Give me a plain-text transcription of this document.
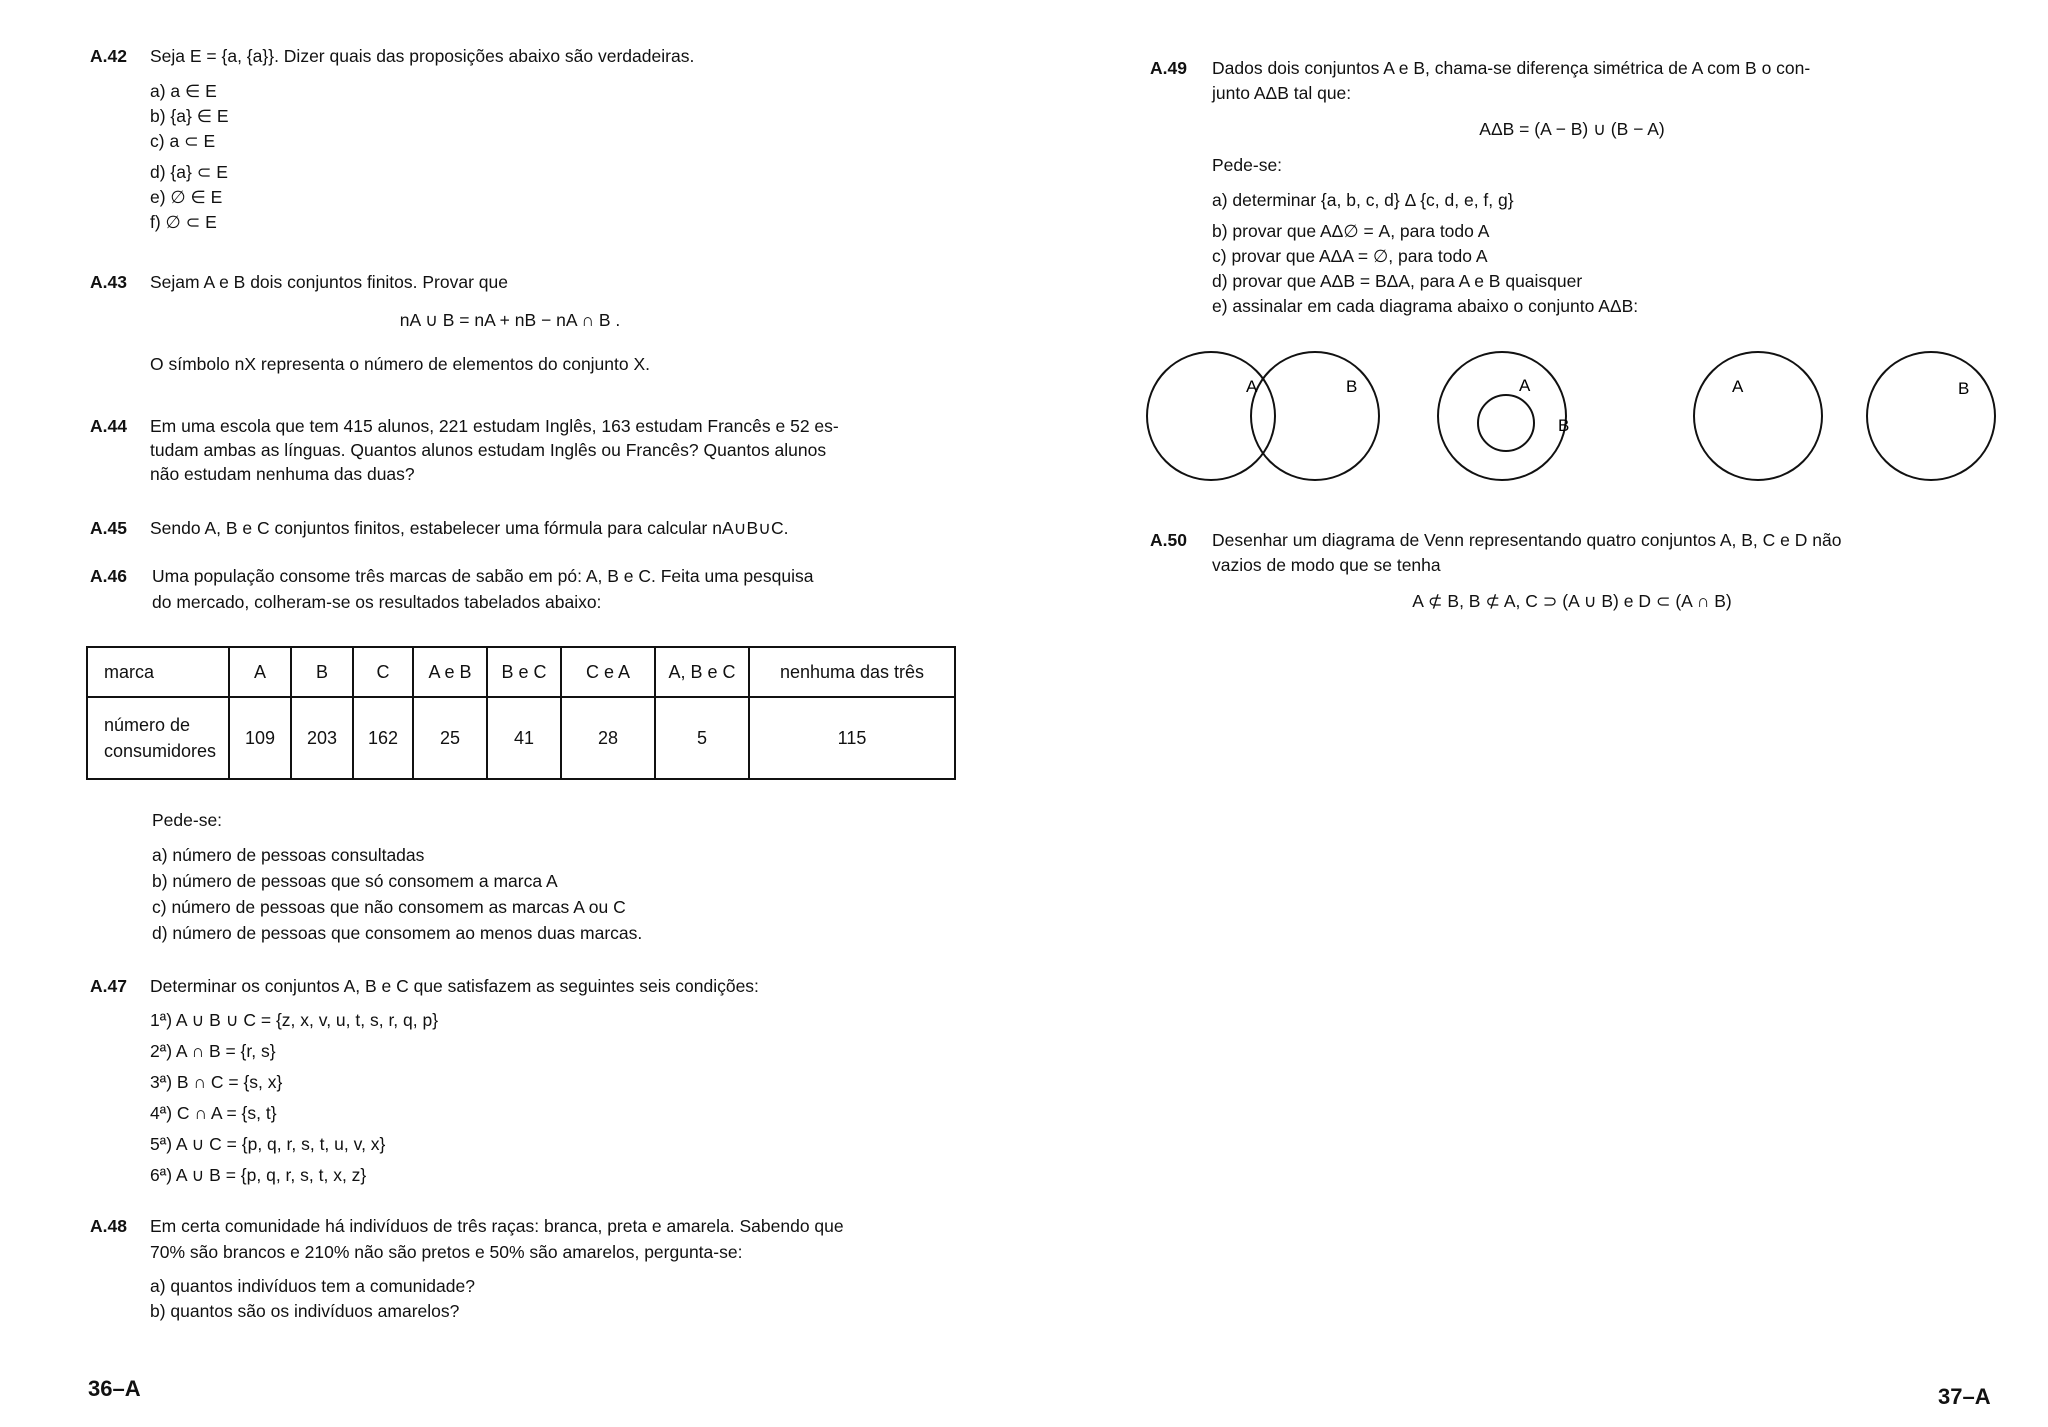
A.42 Seja E = {a, {a}}. Dizer quais das proposições abaixo são verdadeiras.
a) a ∈ E
b) {a} ∈ E
c) a ⊂ E
d) {a} ⊂ E
e) ∅ ∈ E
f) ∅ ⊂ E
A.43 Sejam A e B dois conjuntos finitos. Provar que
nA ∪ B = nA + nB − nA ∩ B .
O símbolo nX representa o número de elementos do conjunto X.
A.44 Em uma escola que tem 415 alunos, 221 estudam Inglês, 163 estudam Francês e 52 es-
tudam ambas as línguas. Quantos alunos estudam Inglês ou Francês? Quantos alunos
não estudam nenhuma das duas?
A.45 Sendo A, B e C conjuntos finitos, estabelecer uma fórmula para calcular nA∪B∪C.
A.46 Uma população consome três marcas de sabão em pó: A, B e C. Feita uma pesquisa
do mercado, colheram-se os resultados tabelados abaixo:
marca	A	B	C	A e B	B e C	C e A	A, B e C	nenhuma das três
número de consumidores	109	203	162	25	41	28	5	115
Pede-se:
a) número de pessoas consultadas
b) número de pessoas que só consomem a marca A
c) número de pessoas que não consomem as marcas A ou C
d) número de pessoas que consomem ao menos duas marcas.
A.47 Determinar os conjuntos A, B e C que satisfazem as seguintes seis condições:
1ª) A ∪ B ∪ C = {z, x, v, u, t, s, r, q, p}
2ª) A ∩ B = {r, s}
3ª) B ∩ C = {s, x}
4ª) C ∩ A = {s, t}
5ª) A ∪ C = {p, q, r, s, t, u, v, x}
6ª) A ∪ B = {p, q, r, s, t, x, z}
A.48 Em certa comunidade há indivíduos de três raças: branca, preta e amarela. Sabendo que
70% são brancos e 210% não são pretos e 50% são amarelos, pergunta-se:
a) quantos indivíduos tem a comunidade?
b) quantos são os indivíduos amarelos?
36–A
A.49 Dados dois conjuntos A e B, chama-se diferença simétrica de A com B o con-
junto AΔB tal que:
AΔB = (A − B) ∪ (B − A)
Pede-se:
a) determinar {a, b, c, d} Δ {c, d, e, f, g}
b) provar que AΔ∅ = A, para todo A
c) provar que AΔA = ∅, para todo A
d) provar que AΔB = BΔA, para A e B quaisquer
e) assinalar em cada diagrama abaixo o conjunto AΔB:
A	B	A
B
A	B
A.50 Desenhar um diagrama de Venn representando quatro conjuntos A, B, C e D não
vazios de modo que se tenha
A ⊄ B, B ⊄ A, C ⊃ (A ∪ B) e D ⊂ (A ∩ B)
37–A
